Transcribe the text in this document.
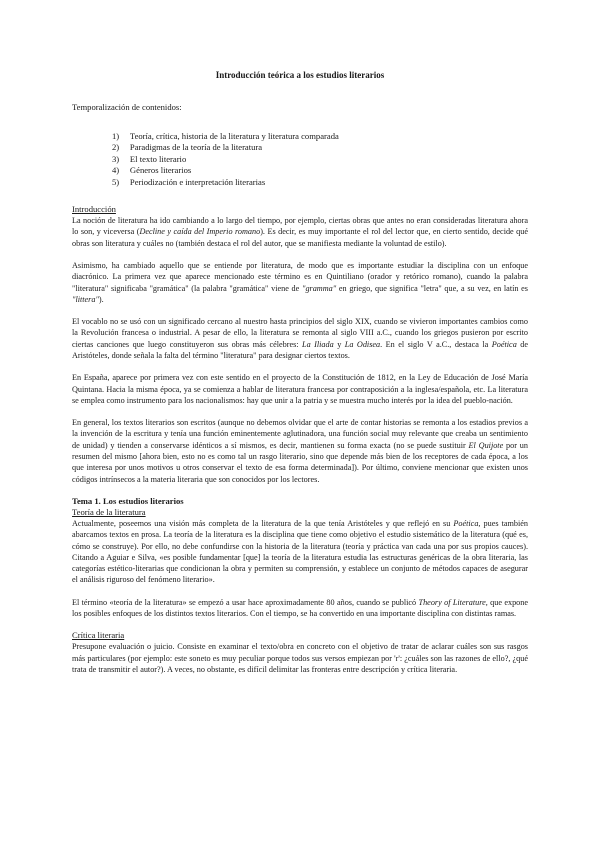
Introducción teórica a los estudios literarios
Temporalización de contenidos:
1) Teoría, crítica, historia de la literatura y literatura comparada
2) Paradigmas de la teoría de la literatura
3) El texto literario
4) Géneros literarios
5) Periodización e interpretación literarias
Introducción

La noción de literatura ha ido cambiando a lo largo del tiempo, por ejemplo, ciertas obras que antes no eran consideradas literatura ahora lo son, y viceversa (Decline y caída del Imperio romano). Es decir, es muy importante el rol del lector que, en cierto sentido, decide qué obras son literatura y cuáles no (también destaca el rol del autor, que se manifiesta mediante la voluntad de estilo).

Asimismo, ha cambiado aquello que se entiende por literatura, de modo que es importante estudiar la disciplina con un enfoque diacrónico. La primera vez que aparece mencionado este término es en Quintiliano (orador y retórico romano), cuando la palabra "literatura" significaba "gramática" (la palabra "gramática" viene de "gramma" en griego, que significa "letra" que, a su vez, en latín es "littera").

El vocablo no se usó con un significado cercano al nuestro hasta principios del siglo XIX, cuando se vivieron importantes cambios como la Revolución francesa o industrial. A pesar de ello, la literatura se remonta al siglo VIII a.C., cuando los griegos pusieron por escrito ciertas canciones que luego constituyeron sus obras más célebres: La Iliada y La Odisea. En el siglo V a.C., destaca la Poética de Aristóteles, donde señala la falta del término "literatura" para designar ciertos textos.

En España, aparece por primera vez con este sentido en el proyecto de la Constitución de 1812, en la Ley de Educación de José María Quintana. Hacia la misma época, ya se comienza a hablar de literatura francesa por contraposición a la inglesa/española, etc. La literatura se emplea como instrumento para los nacionalismos: hay que unir a la patria y se muestra mucho interés por la idea del pueblo-nación.

En general, los textos literarios son escritos (aunque no debemos olvidar que el arte de contar historias se remonta a los estadios previos a la invención de la escritura y tenía una función eminentemente aglutinadora, una función social muy relevante que creaba un sentimiento de unidad) y tienden a conservarse idénticos a sí mismos, es decir, mantienen su forma exacta (no se puede sustituir El Quijote por un resumen del mismo [ahora bien, esto no es como tal un rasgo literario, sino que depende más bien de los receptores de cada época, a los que interesa por unos motivos u otros conservar el texto de esa forma determinada]). Por último, conviene mencionar que existen unos códigos intrínsecos a la materia literaria que son conocidos por los lectores.

Tema 1. Los estudios literarios
Teoría de la literatura

Actualmente, poseemos una visión más completa de la literatura de la que tenía Aristóteles y que reflejó en su Poética, pues también abarcamos textos en prosa. La teoría de la literatura es la disciplina que tiene como objetivo el estudio sistemático de la literatura (qué es, cómo se construye). Por ello, no debe confundirse con la historia de la literatura (teoría y práctica van cada una por sus propios cauces). Citando a Aguiar e Silva, «es posible fundamentar [que] la teoría de la literatura estudia las estructuras genéricas de la obra literaria, las categorías estético-literarias que condicionan la obra y permiten su comprensión, y establece un conjunto de métodos capaces de asegurar el análisis riguroso del fenómeno literario».

El término «teoría de la literatura» se empezó a usar hace aproximadamente 80 años, cuando se publicó Theory of Literature, que expone los posibles enfoques de los distintos textos literarios. Con el tiempo, se ha convertido en una importante disciplina con distintas ramas.

Crítica literaria

Presupone evaluación o juicio. Consiste en examinar el texto/obra en concreto con el objetivo de tratar de aclarar cuáles son sus rasgos más particulares (por ejemplo: este soneto es muy peculiar porque todos sus versos empiezan por 'r': ¿cuáles son las razones de ello?, ¿qué trata de transmitir el autor?). A veces, no obstante, es difícil delimitar las fronteras entre descripción y crítica literaria.
